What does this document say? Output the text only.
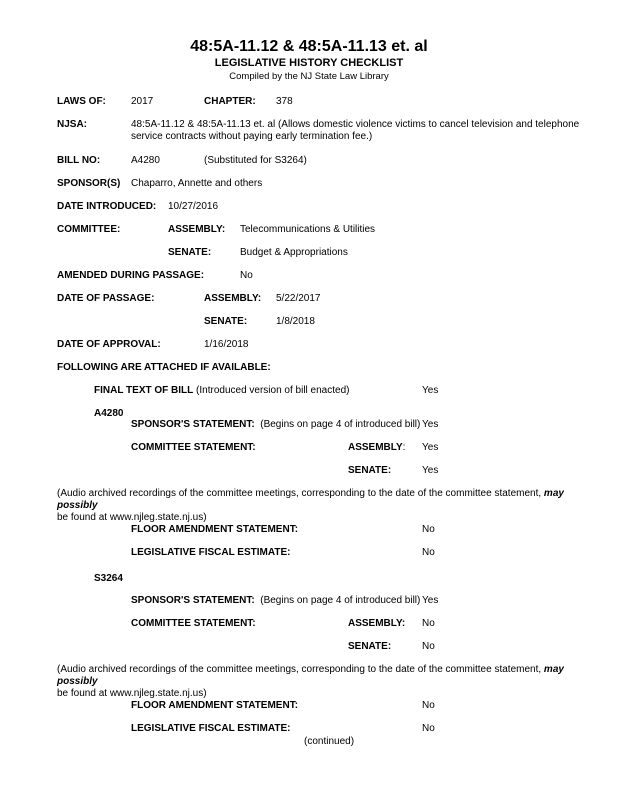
48:5A-11.12 & 48:5A-11.13 et. al
LEGISLATIVE HISTORY CHECKLIST
Compiled by the NJ State Law Library
LAWS OF:	2017	CHAPTER: 378
NJSA:	48:5A-11.12 & 48:5A-11.13 et. al (Allows domestic violence victims to cancel television and telephone service contracts without paying early termination fee.)
BILL NO:	A4280	(Substituted for S3264)
SPONSOR(S) Chaparro, Annette and others
DATE INTRODUCED: 10/27/2016
COMMITTEE:	ASSEMBLY: Telecommunications & Utilities
SENATE:	Budget & Appropriations
AMENDED DURING PASSAGE:	No
DATE OF PASSAGE:	ASSEMBLY: 5/22/2017
SENATE:	1/8/2018
DATE OF APPROVAL:	1/16/2018
FOLLOWING ARE ATTACHED IF AVAILABLE:
FINAL TEXT OF BILL (Introduced version of bill enacted)	Yes
A4280
SPONSOR'S STATEMENT: (Begins on page 4 of introduced bill) Yes
COMMITTEE STATEMENT:	ASSEMBLY: Yes
SENATE:	Yes
(Audio archived recordings of the committee meetings, corresponding to the date of the committee statement, may possibly
be found at www.njleg.state.nj.us)
FLOOR AMENDMENT STATEMENT:	No
LEGISLATIVE FISCAL ESTIMATE:	No
S3264
SPONSOR'S STATEMENT: (Begins on page 4 of introduced bill) Yes
COMMITTEE STATEMENT:	ASSEMBLY: No
SENATE:	No
(Audio archived recordings of the committee meetings, corresponding to the date of the committee statement, may possibly
be found at www.njleg.state.nj.us)
FLOOR AMENDMENT STATEMENT:	No
LEGISLATIVE FISCAL ESTIMATE:	No
(continued)
